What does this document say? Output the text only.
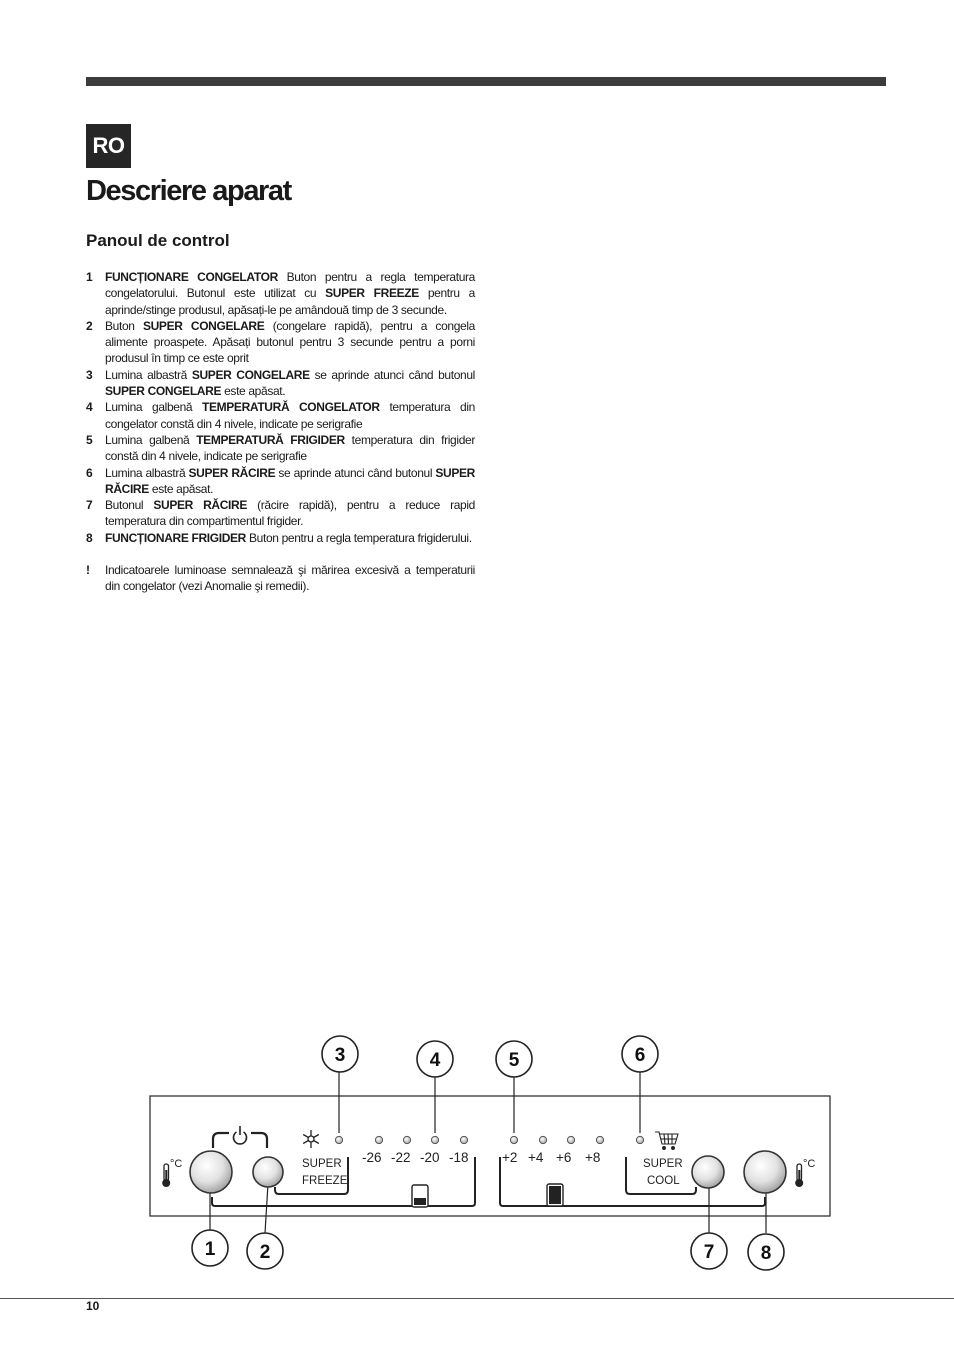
RO
Descriere aparat
Panoul de control
1 FUNCȚIONARE CONGELATOR Buton pentru a regla temperatura congelatorului. Butonul este utilizat cu SUPER FREEZE pentru a aprinde/stinge produsul, apăsați-le pe amândouă timp de 3 secunde.
2 Buton SUPER CONGELARE (congelare rapidă), pentru a congela alimente proaspete. Apăsați butonul pentru 3 secunde pentru a porni produsul în timp ce este oprit
3 Lumina albastră SUPER CONGELARE se aprinde atunci când butonul SUPER CONGELARE este apăsat.
4 Lumina galbenă TEMPERATURĂ CONGELATOR temperatura din congelator constă din 4 nivele, indicate pe serigrafie
5 Lumina galbenă TEMPERATURĂ FRIGIDER temperatura din frigider constă din 4 nivele, indicate pe serigrafie
6 Lumina albastră SUPER RĂCIRE se aprinde atunci când butonul SUPER RĂCIRE este apăsat.
7 Butonul SUPER RĂCIRE (răcire rapidă), pentru a reduce rapid temperatura din compartimentul frigider.
8 FUNCȚIONARE FRIGIDER Buton pentru a regla temperatura frigiderului.
! Indicatoarele luminoase semnalează şi mărirea excesivă a temperaturii din congelator (vezi Anomalie şi remedii).
°C	°C
SUPER
FREEZE
SUPER
COOL
-26 -22 -20 -18 +2 +4 +6 +8
3	4	5	6
1 2	7 8
10
